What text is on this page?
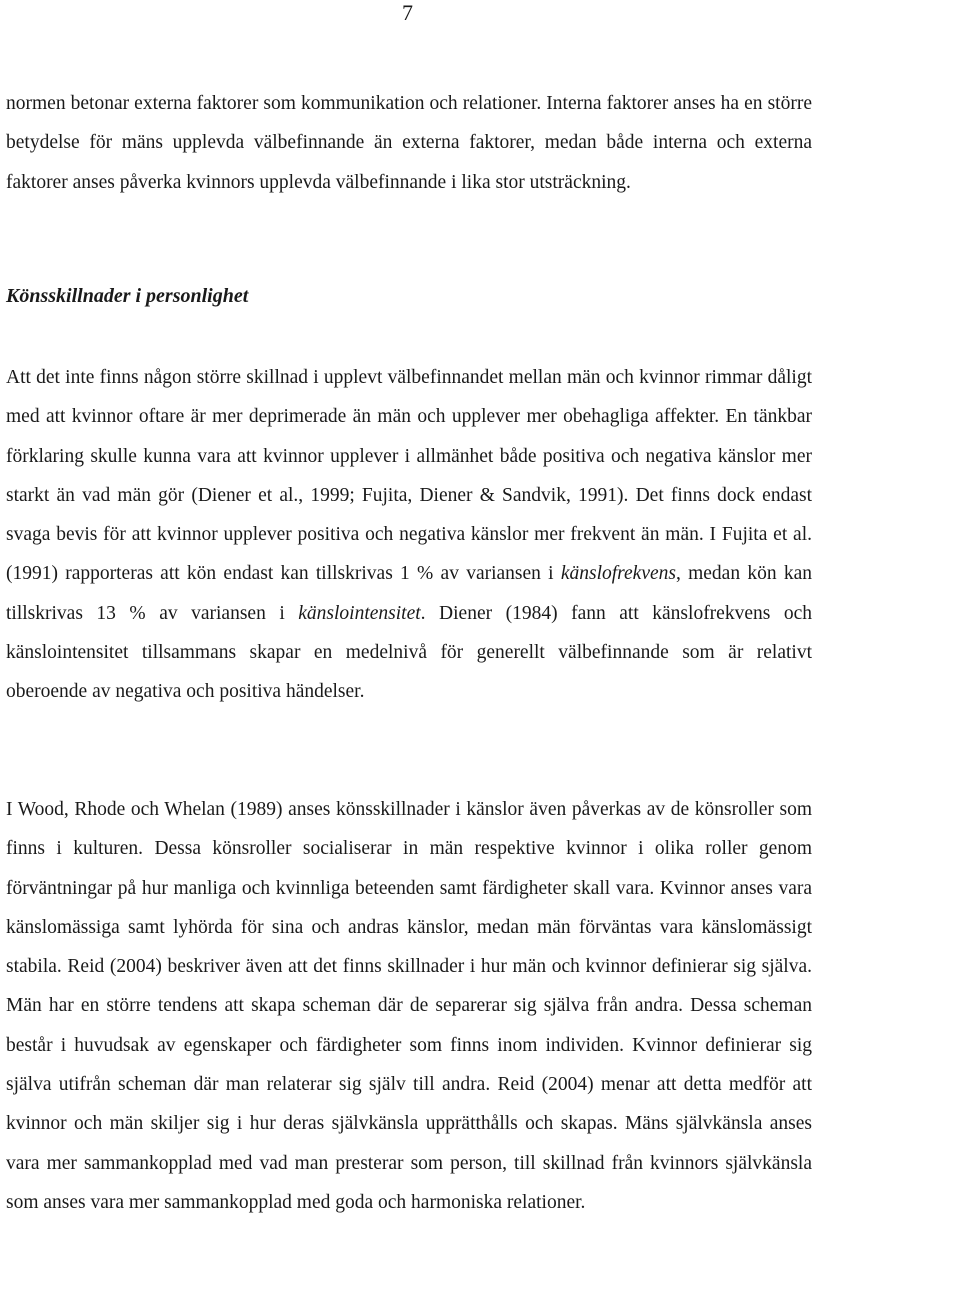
7

normen betonar externa faktorer som kommunikation och relationer. Interna faktorer anses ha en större betydelse för mäns upplevda välbefinnande än externa faktorer, medan både interna och externa faktorer anses påverka kvinnors upplevda välbefinnande i lika stor utsträckning.

Könsskillnader i personlighet

Att det inte finns någon större skillnad i upplevt välbefinnandet mellan män och kvinnor rimmar dåligt med att kvinnor oftare är mer deprimerade än män och upplever mer obehagliga affekter. En tänkbar förklaring skulle kunna vara att kvinnor upplever i allmänhet både positiva och negativa känslor mer starkt än vad män gör (Diener et al., 1999; Fujita, Diener & Sandvik, 1991). Det finns dock endast svaga bevis för att kvinnor upplever positiva och negativa känslor mer frekvent än män. I Fujita et al. (1991) rapporteras att kön endast kan tillskrivas 1 % av variansen i känslofrekvens, medan kön kan tillskrivas 13 % av variansen i känslointensitet. Diener (1984) fann att känslofrekvens och känslointensitet tillsammans skapar en medelnivå för generellt välbefinnande som är relativt oberoende av negativa och positiva händelser.

I Wood, Rhode och Whelan (1989) anses könsskillnader i känslor även påverkas av de könsroller som finns i kulturen. Dessa könsroller socialiserar in män respektive kvinnor i olika roller genom förväntningar på hur manliga och kvinnliga beteenden samt färdigheter skall vara. Kvinnor anses vara känslomässiga samt lyhörda för sina och andras känslor, medan män förväntas vara känslomässigt stabila. Reid (2004) beskriver även att det finns skillnader i hur män och kvinnor definierar sig själva. Män har en större tendens att skapa scheman där de separerar sig själva från andra. Dessa scheman består i huvudsak av egenskaper och färdigheter som finns inom individen. Kvinnor definierar sig själva utifrån scheman där man relaterar sig själv till andra. Reid (2004) menar att detta medför att kvinnor och män skiljer sig i hur deras självkänsla upprätthålls och skapas. Mäns självkänsla anses vara mer sammankopplad med vad man presterar som person, till skillnad från kvinnors självkänsla som anses vara mer sammankopplad med goda och harmoniska relationer.
